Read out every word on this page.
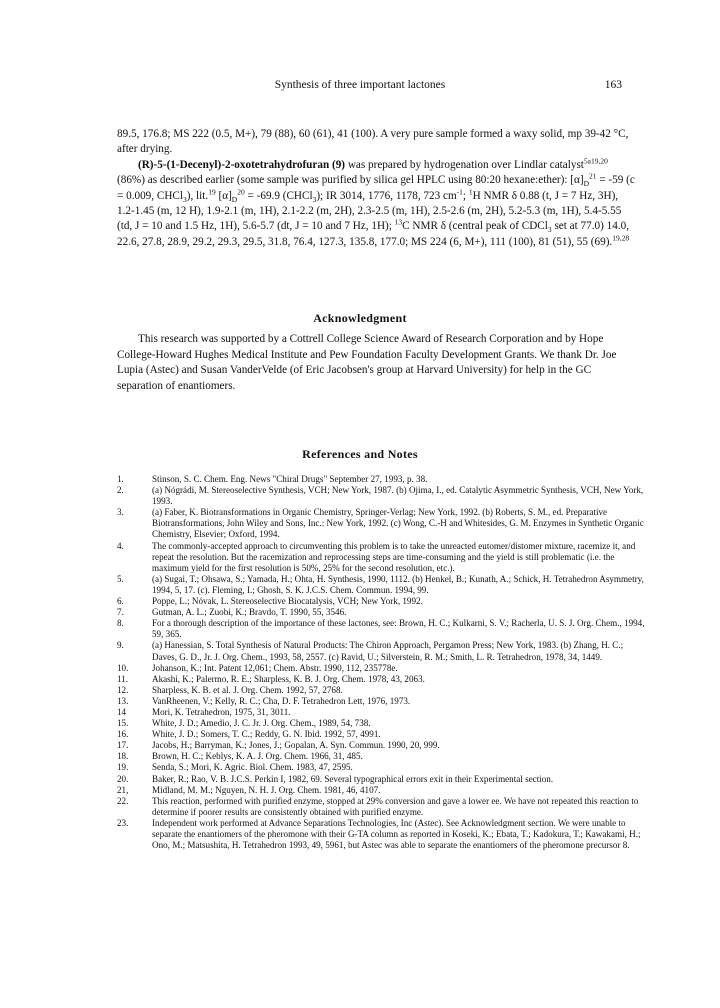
Synthesis of three important lactones	163

89.5, 176.8; MS 222 (0.5, M+), 79 (88), 60 (61), 41 (100). A very pure sample formed a waxy solid, mp 39-42 °C, after drying.

(R)-5-(1-Decenyl)-2-oxotetrahydrofuran (9) was prepared by hydrogenation over Lindlar catalyst$^{5a19,20}$ (86%) as described earlier (some sample was purified by silica gel HPLC using 80:20 hexane:ether): $[\alpha]_D^{21} = -59$ (c = 0.009, CHCl$_3$), lit.$^{19}$ $[\alpha]_D^{20} = -69.9$ (CHCl$_3$); IR 3014, 1776, 1178, 723 $cm^{-1}$; $^1$H NMR δ 0.88 (t, J = 7 Hz, 3H), 1.2-1.45 (m, 12 H), 1.9-2.1 (m, 1H), 2.1-2.2 (m, 2H), 2.3-2.5 (m, 1H), 2.5-2.6 (m, 2H), 5.2-5.3 (m, 1H), 5.4-5.55 (td, J = 10 and 1.5 Hz, 1H), 5.6-5.7 (dt, J = 10 and 7 Hz, 1H); $^{13}$C NMR δ (central peak of CDCl$_3$ set at 77.0) 14.0, 22.6, 27.8, 28.9, 29.2, 29.3, 29.5, 31.8, 76.4, 127.3, 135.8, 177.0; MS 224 (6, M+), 111 (100), 81 (51), 55 (69).$^{19,28}$

Acknowledgment

This research was supported by a Cottrell College Science Award of Research Corporation and by Hope College-Howard Hughes Medical Institute and Pew Foundation Faculty Development Grants. We thank Dr. Joe Lupia (Astec) and Susan VanderVelde (of Eric Jacobsen's group at Harvard University) for help in the GC separation of enantiomers.

References and Notes
1.	Stinson, S. C. Chem. Eng. News "Chiral Drugs" September 27, 1993, p. 38.
2.	(a) Nógrádi, M. Stereoselective Synthesis, VCH; New York, 1987. (b) Ojima, I., ed. Catalytic Asymmetric Synthesis, VCH, New York, 1993.
3.	(a) Faber, K. Biotransformations in Organic Chemistry, Springer-Verlag; New York, 1992. (b) Roberts, S. M., ed. Preparative Biotransformations, John Wiley and Sons, Inc.: New York, 1992. (c) Wong, C.-H and Whitesides, G. M. Enzymes in Synthetic Organic Chemistry, Elsevier; Oxford, 1994.
4.	The commonly-accepted approach to circumventing this problem is to take the unreacted eutomer/distomer mixture, racemize it, and repeat the resolution. But the racemization and reprocessing steps are time-consuming and the yield is still problematic (i.e. the maximum yield for the first resolution is 50%, 25% for the second resolution, etc.).
5.	(a) Sugai, T.; Ohsawa, S.; Yamada, H.; Ohta, H. Synthesis, 1990, 1112. (b) Henkel, B.; Kunath, A.; Schick, H. Tetrahedron Asymmetry, 1994, 5, 17. (c). Fleming, I.; Ghosh, S. K. J.C.S. Chem. Commun. 1994, 99.
6.	Poppe, L.; Nóvak, L. Stereoselective Biocatalysis, VCH; New York, 1992.
7.	Gutman, A. L.; Zuobi, K.; Bravdo, T. 1990, 55, 3546.
8.	For a thorough description of the importance of these lactones, see: Brown, H. C.; Kulkarni, S. V.; Racherla, U. S. J. Org. Chem., 1994, 59, 365.
9.	(a) Hanessian, S. Total Synthesis of Natural Products: The Chiron Approach, Pergamon Press; New York, 1983. (b) Zhang, H. C.; Daves, G. D., Jr. J. Org. Chem., 1993, 58, 2557. (c) Ravid, U.; Silverstein, R. M.; Smith, L. R. Tetrahedron, 1978, 34, 1449.
10.	Johanson, K.; Int. Patent 12,061; Chem. Abstr. 1990, 112, 235778e.
11.	Akashi, K.; Palermo, R. E.; Sharpless, K. B. J. Org. Chem. 1978, 43, 2063.
12.	Sharpless, K. B. et al. J. Org. Chem. 1992, 57, 2768.
13.	VanRheenen, V.; Kelly, R. C.; Cha, D. F. Tetrahedron Lett, 1976, 1973.
14	Mori, K. Tetrahedron, 1975, 31, 3011.
15.	White, J. D.; Amedio, J. C. Jr. J. Org. Chem., 1989, 54, 738.
16.	White, J. D.; Somers, T. C.; Reddy, G. N. Ibid. 1992, 57, 4991.
17.	Jacobs, H.; Barryman, K.; Jones, J.; Gopalan, A. Syn. Commun. 1990, 20, 999.
18.	Brown, H. C.; Keblys, K. A. J. Org. Chem. 1966, 31, 485.
19.	Senda, S.; Mori, K. Agric. Biol. Chem. 1983, 47, 2595.
20.	Baker, R.; Rao, V. B. J.C.S. Perkin I, 1982, 69. Several typographical errors exit in their Experimental section.
21,	Midland, M. M.; Nguyen, N. H. J. Org. Chem. 1981, 46, 4107.
22.	This reaction, performed with purified enzyme, stopped at 29% conversion and gave a lower ee. We have not repeated this reaction to determine if poorer results are consistently obtained with purified enzyme.
23.	Independent work performed at Advance Separations Technologies, Inc (Astec). See Acknowledgment section. We were unable to separate the enantiomers of the pheromone with their G-TA column as reported in Koseki, K.; Ebata, T.; Kadokura, T.; Kawakami, H.; Ono, M.; Matsushita, H. Tetrahedron 1993, 49, 5961, but Astec was able to separate the enantiomers of the pheromone precursor 8.
